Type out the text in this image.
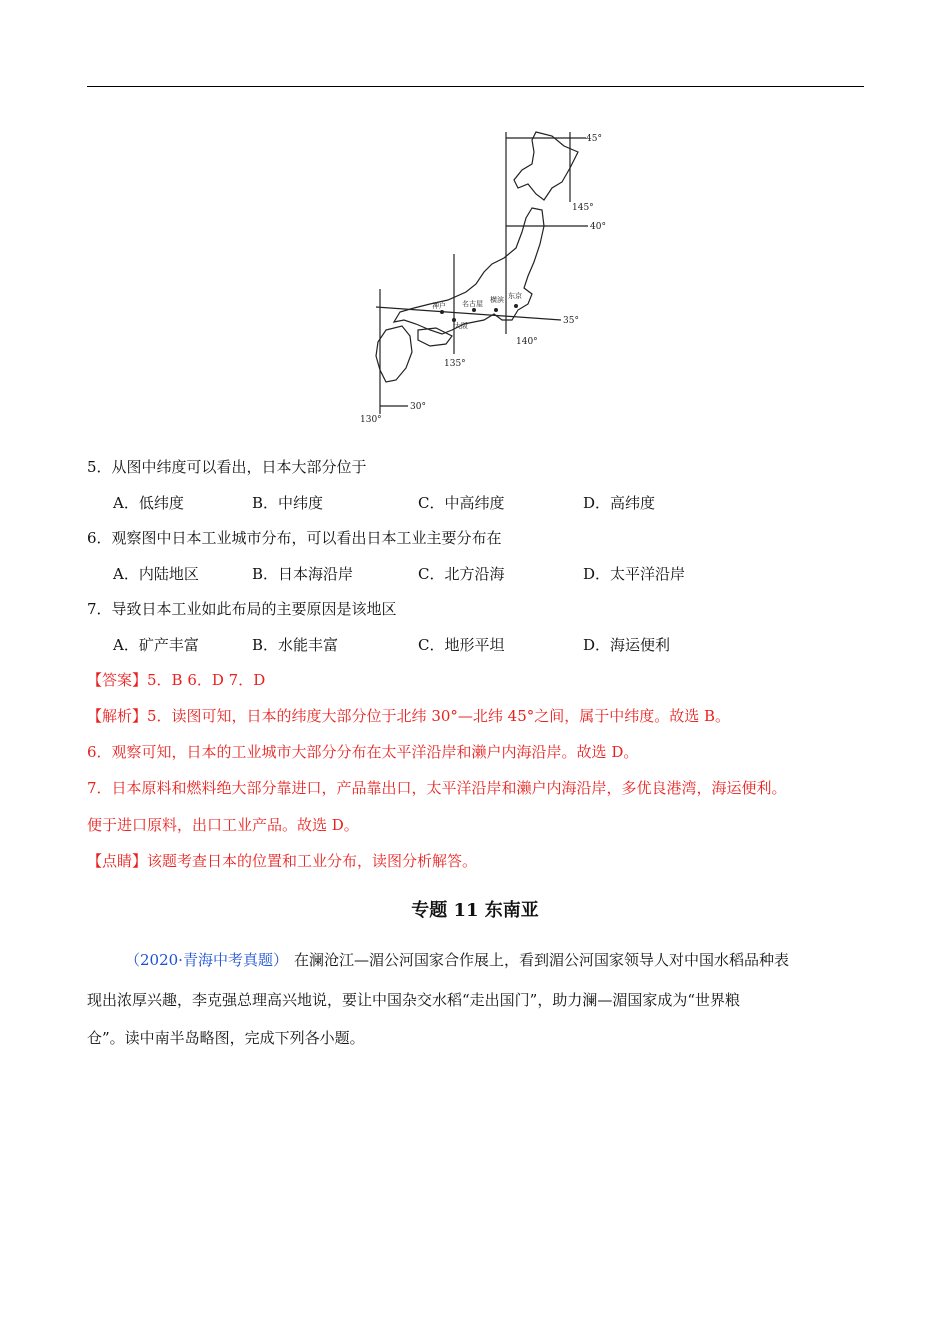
45°
40°
35°
30°
145°
140°
135°
130°
名古屋 横滨 东京
神户
大阪
5．从图中纬度可以看出，日本大部分位于
A．低纬度	B．中纬度	C．中高纬度	D．高纬度
6．观察图中日本工业城市分布，可以看出日本工业主要分布在
A．内陆地区	B．日本海沿岸	C．北方沿海	D．太平洋沿岸
7．导致日本工业如此布局的主要原因是该地区
A．矿产丰富	B．水能丰富	C．地形平坦	D．海运便利
【答案】5．B 6．D 7．D
【解析】5．读图可知，日本的纬度大部分位于北纬 30°—北纬 45°之间，属于中纬度。故选 B。
6．观察可知，日本的工业城市大部分分布在太平洋沿岸和濑户内海沿岸。故选 D。
7．日本原料和燃料绝大部分靠进口，产品靠出口，太平洋沿岸和濑户内海沿岸，多优良港湾，海运便利。
便于进口原料，出口工业产品。故选 D。
【点睛】该题考查日本的位置和工业分布，读图分析解答。
专题 11 东南亚
（2020·青海中考真题） 在澜沧江—湄公河国家合作展上，看到湄公河国家领导人对中国水稻品种表
现出浓厚兴趣，李克强总理高兴地说，要让中国杂交水稻“走出国门”，助力澜—湄国家成为“世界粮
仓”。读中南半岛略图，完成下列各小题。
